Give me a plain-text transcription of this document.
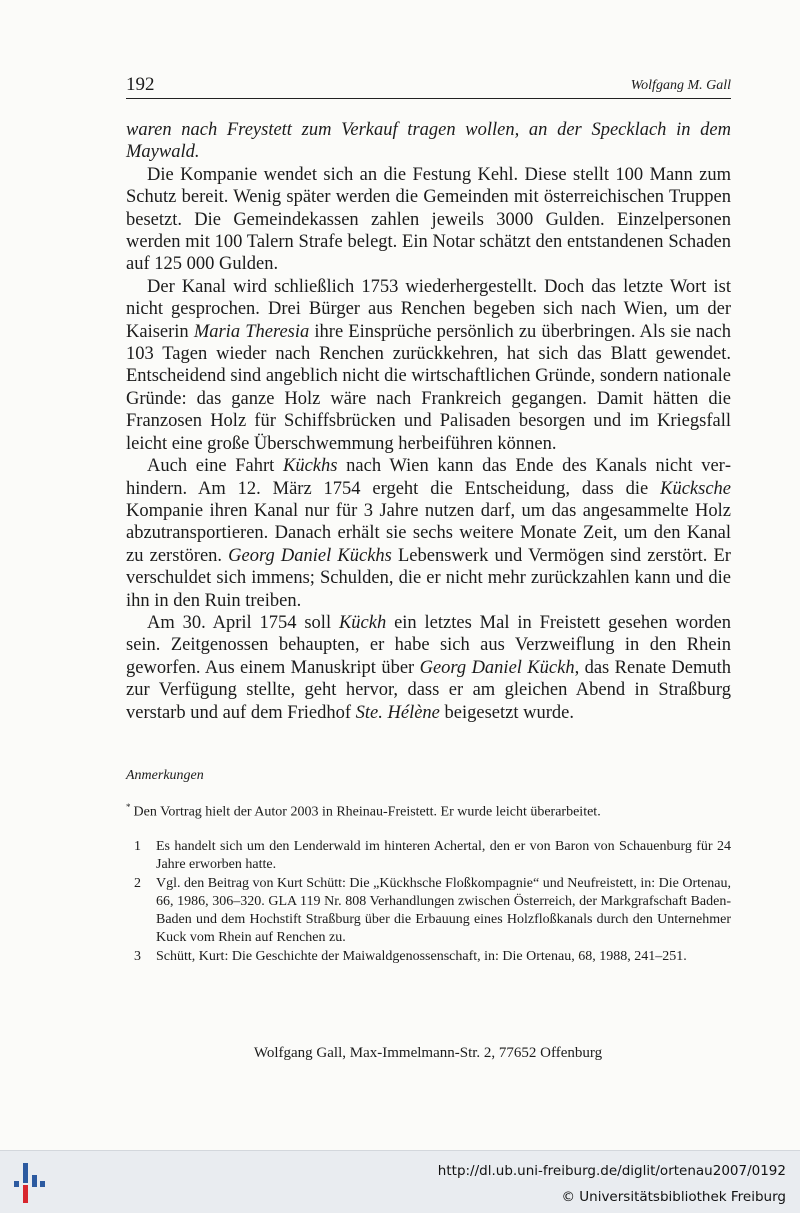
192	Wolfgang M. Gall

waren nach Freystett zum Verkauf tragen wollen, an der Specklach in dem Maywald.

Die Kompanie wendet sich an die Festung Kehl. Diese stellt 100 Mann zum Schutz bereit. Wenig später werden die Gemeinden mit österreichischen Truppen besetzt. Die Gemeindekassen zahlen jeweils 3000 Gulden. Einzelpersonen werden mit 100 Talern Strafe belegt. Ein Notar schätzt den entstandenen Schaden auf 125 000 Gulden.

Der Kanal wird schließlich 1753 wiederhergestellt. Doch das letzte Wort ist nicht gesprochen. Drei Bürger aus Renchen begeben sich nach Wien, um der Kaiserin Maria Theresia ihre Einsprüche persönlich zu überbringen. Als sie nach 103 Tagen wieder nach Renchen zurückkehren, hat sich das Blatt gewendet. Entscheidend sind angeblich nicht die wirtschaftlichen Gründe, sondern nationale Gründe: das ganze Holz wäre nach Frankreich gegangen. Damit hätten die Franzosen Holz für Schiffsbrücken und Palisaden besorgen und im Kriegsfall leicht eine große Überschwemmung herbeiführen können.

Auch eine Fahrt Kückhs nach Wien kann das Ende des Kanals nicht verhindern. Am 12. März 1754 ergeht die Entscheidung, dass die Kücksche Kompanie ihren Kanal nur für 3 Jahre nutzen darf, um das angesammelte Holz abzutransportieren. Danach erhält sie sechs weitere Monate Zeit, um den Kanal zu zerstören. Georg Daniel Kückhs Lebenswerk und Vermögen sind zerstört. Er verschuldet sich immens; Schulden, die er nicht mehr zurückzahlen kann und die ihn in den Ruin treiben.

Am 30. April 1754 soll Kückh ein letztes Mal in Freistett gesehen worden sein. Zeitgenossen behaupten, er habe sich aus Verzweiflung in den Rhein geworfen. Aus einem Manuskript über Georg Daniel Kückh, das Renate Demuth zur Verfügung stellte, geht hervor, dass er am gleichen Abend in Straßburg verstarb und auf dem Friedhof Ste. Hélène beigesetzt wurde.

Anmerkungen
* Den Vortrag hielt der Autor 2003 in Rheinau-Freistett. Er wurde leicht überarbeitet.

1 Es handelt sich um den Lenderwald im hinteren Achertal, den er von Baron von Schauenburg für 24 Jahre erworben hatte.

2 Vgl. den Beitrag von Kurt Schütt: Die „Kückhsche Floßkompagnie“ und Neufreistett, in: Die Ortenau, 66, 1986, 306–320. GLA 119 Nr. 808 Verhandlungen zwischen Österreich, der Markgrafschaft Baden-Baden und dem Hochstift Straßburg über die Erbauung eines Holzfloßkanals durch den Unternehmer Kuck vom Rhein auf Renchen zu.

3 Schütt, Kurt: Die Geschichte der Maiwaldgenossenschaft, in: Die Ortenau, 68, 1988, 241–251.

Wolfgang Gall, Max-Immelmann-Str. 2, 77652 Offenburg
http://dl.ub.uni-freiburg.de/diglit/ortenau2007/0192
© Universitätsbibliothek Freiburg
